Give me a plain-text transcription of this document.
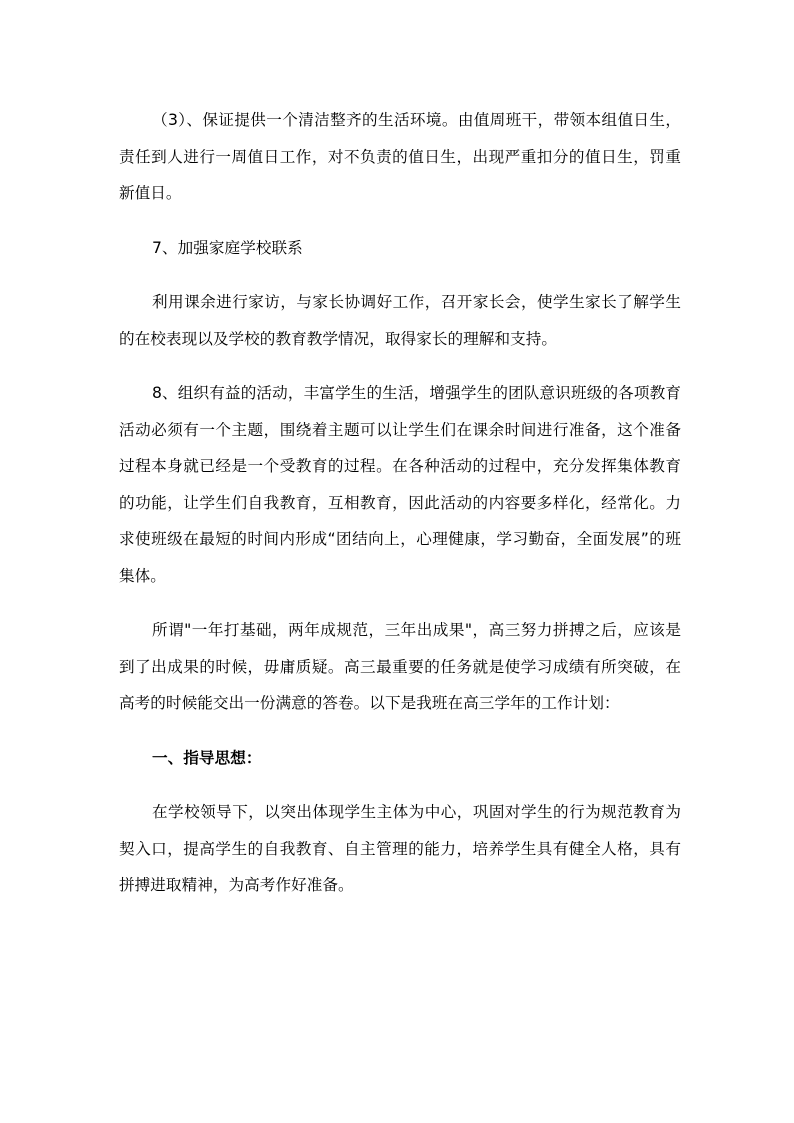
（3）、保证提供一个清洁整齐的生活环境。由值周班干，带领本组值日生，责任到人进行一周值日工作，对不负责的值日生，出现严重扣分的值日生，罚重新值日。

7、加强家庭学校联系

利用课余进行家访，与家长协调好工作，召开家长会，使学生家长了解学生的在校表现以及学校的教育教学情况，取得家长的理解和支持。

8、组织有益的活动，丰富学生的生活，增强学生的团队意识班级的各项教育活动必须有一个主题，围绕着主题可以让学生们在课余时间进行准备，这个准备过程本身就已经是一个受教育的过程。在各种活动的过程中，充分发挥集体教育的功能，让学生们自我教育，互相教育，因此活动的内容要多样化，经常化。力求使班级在最短的时间内形成“团结向上，心理健康，学习勤奋，全面发展”的班集体。

所谓"一年打基础，两年成规范，三年出成果"，高三努力拼搏之后，应该是到了出成果的时候，毋庸质疑。高三最重要的任务就是使学习成绩有所突破，在高考的时候能交出一份满意的答卷。以下是我班在高三学年的工作计划：

一、指导思想：

在学校领导下，以突出体现学生主体为中心，巩固对学生的行为规范教育为契入口，提高学生的自我教育、自主管理的能力，培养学生具有健全人格，具有拼搏进取精神，为高考作好准备。
